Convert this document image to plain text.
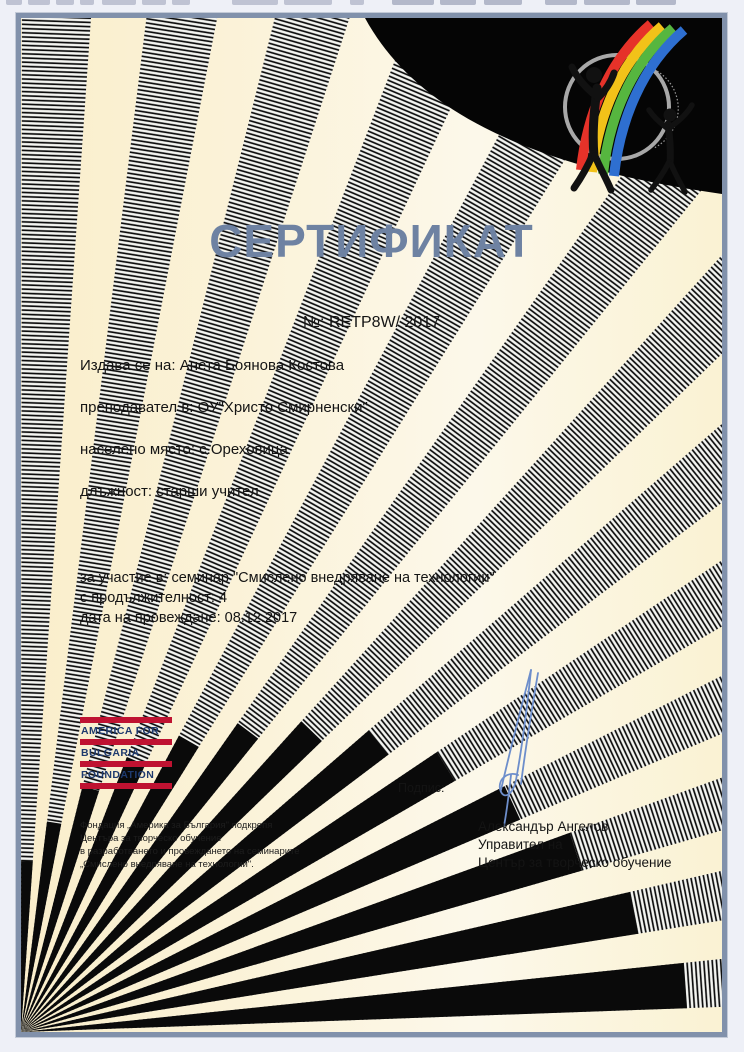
СЕРТИФИКАТ
№: RETP8W/ 2017
Издава се на: Анета Боянова Костова
преподавател в: ОУ"Христо Смирненски"
населено място: с.Ореховица
длъжност: старши учител
за участие в: семинар "Смислено внедряване на технологии"
с продължителност: 4
дата на провеждане: 08.12.2017
AMERICA FOR
BULGARIA
FOUNDATION
Фондация „Америка за България" подкрепя
Центъра за творческо обучение
в разработването и провеждането на семинарите
„Смислено внедряване на технологии".
Подпис:
Александър Ангелов
Управител на
Център за творческо обучение
